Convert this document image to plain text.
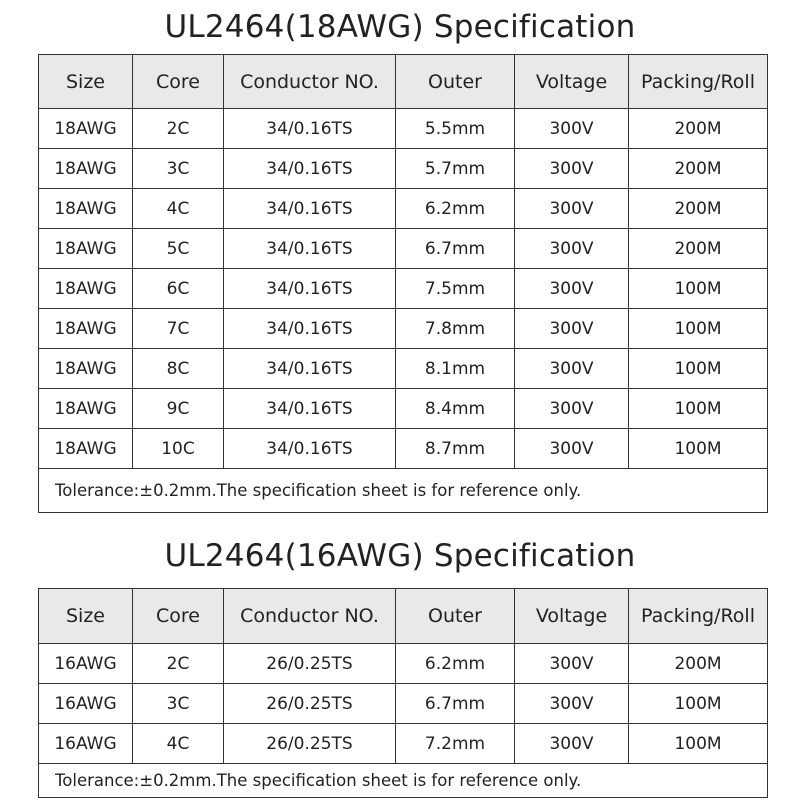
UL2464(18AWG) Specification
Size	Core	Conductor NO.	Outer	Voltage	Packing/Roll
18AWG	2C	34/0.16TS	5.5mm	300V	200M
18AWG	3C	34/0.16TS	5.7mm	300V	200M
18AWG	4C	34/0.16TS	6.2mm	300V	200M
18AWG	5C	34/0.16TS	6.7mm	300V	200M
18AWG	6C	34/0.16TS	7.5mm	300V	100M
18AWG	7C	34/0.16TS	7.8mm	300V	100M
18AWG	8C	34/0.16TS	8.1mm	300V	100M
18AWG	9C	34/0.16TS	8.4mm	300V	100M
18AWG	10C	34/0.16TS	8.7mm	300V	100M
Tolerance:±0.2mm.The specification sheet is for reference only.					
UL2464(16AWG) Specification
Size	Core	Conductor NO.	Outer	Voltage	Packing/Roll
16AWG	2C	26/0.25TS	6.2mm	300V	200M
16AWG	3C	26/0.25TS	6.7mm	300V	100M
16AWG	4C	26/0.25TS	7.2mm	300V	100M
Tolerance:±0.2mm.The specification sheet is for reference only.					
